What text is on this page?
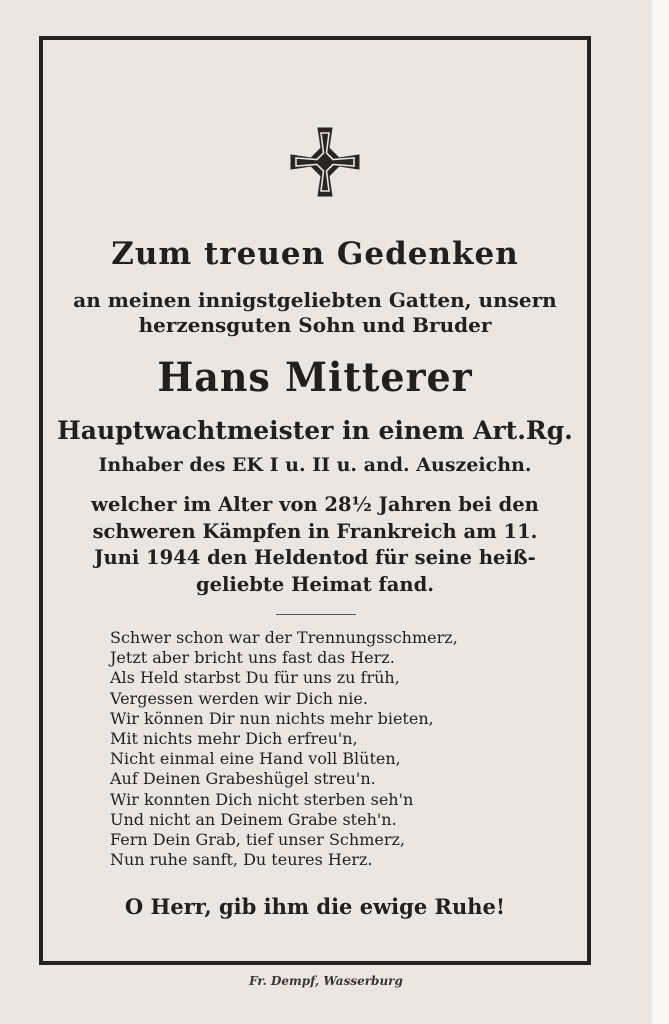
Zum treuen Gedenken
an meinen innigstgeliebten Gatten, unsern
herzensguten Sohn und Bruder
Hans Mitterer
Hauptwachtmeister in einem Art.Rg.
Inhaber des EK I u. II u. and. Auszeichn.
welcher im Alter von 28½ Jahren bei den
schweren Kämpfen in Frankreich am 11.
Juni 1944 den Heldentod für seine heiß-
geliebte Heimat fand.
Schwer schon war der Trennungsschmerz,
Jetzt aber bricht uns fast das Herz.
Als Held starbst Du für uns zu früh,
Vergessen werden wir Dich nie.
Wir können Dir nun nichts mehr bieten,
Mit nichts mehr Dich erfreu'n,
Nicht einmal eine Hand voll Blüten,
Auf Deinen Grabeshügel streu'n.
Wir konnten Dich nicht sterben seh'n
Und nicht an Deinem Grabe steh'n.
Fern Dein Grab, tief unser Schmerz,
Nun ruhe sanft, Du teures Herz.
O Herr, gib ihm die ewige Ruhe!
Fr. Dempf, Wasserburg
